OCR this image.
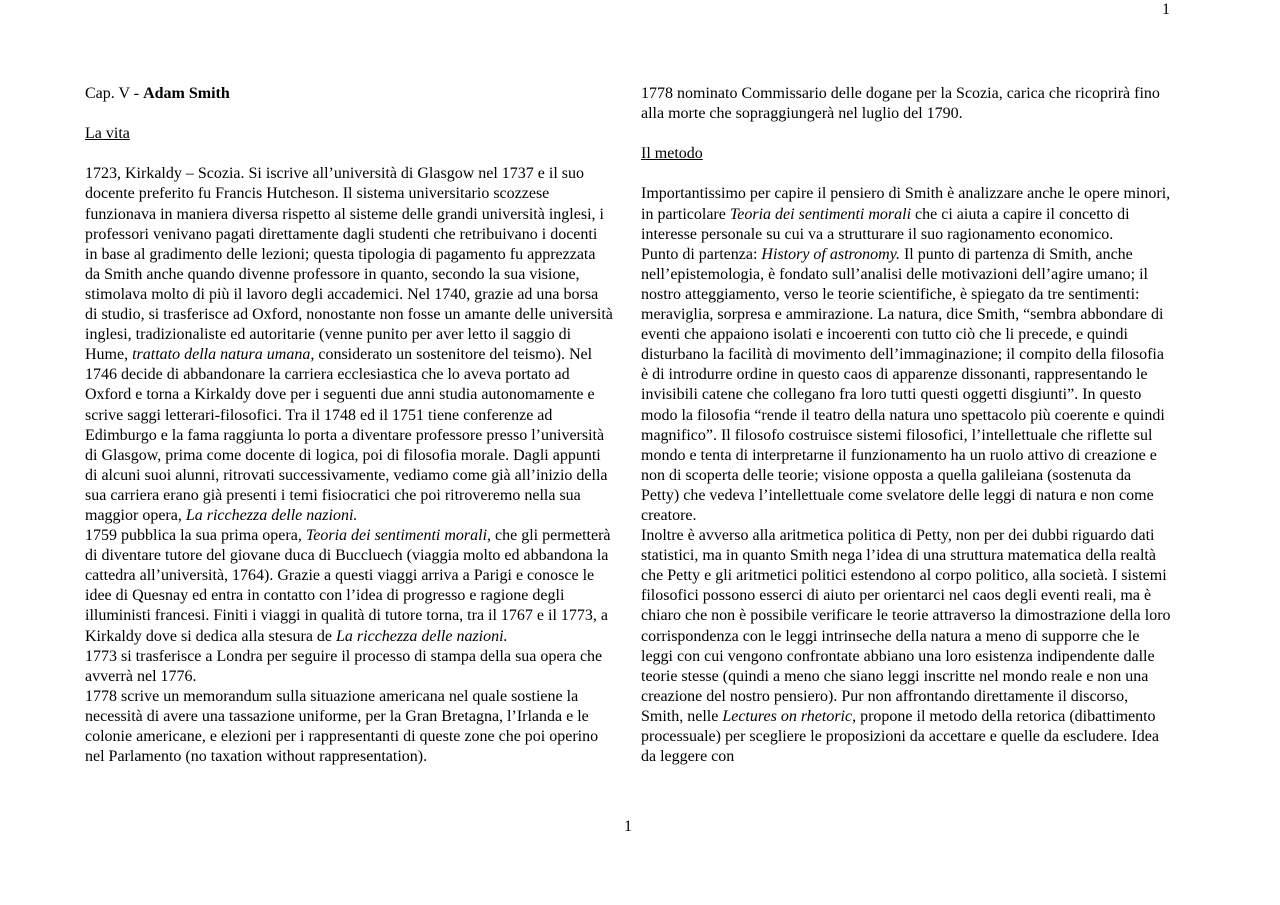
1

Cap. V - Adam Smith

La vita

1723, Kirkaldy – Scozia. Si iscrive all’università di Glasgow nel 1737 e il suo docente preferito fu Francis Hutcheson. Il sistema universitario scozzese funzionava in maniera diversa rispetto al sisteme delle grandi università inglesi, i professori venivano pagati direttamente dagli studenti che retribuivano i docenti in base al gradimento delle lezioni; questa tipologia di pagamento fu apprezzata da Smith anche quando divenne professore in quanto, secondo la sua visione, stimolava molto di più il lavoro degli accademici. Nel 1740, grazie ad una borsa di studio, si trasferisce ad Oxford, nonostante non fosse un amante delle università inglesi, tradizionaliste ed autoritarie (venne punito per aver letto il saggio di Hume, trattato della natura umana, considerato un sostenitore del teismo). Nel 1746 decide di abbandonare la carriera ecclesiastica che lo aveva portato ad Oxford e torna a Kirkaldy dove per i seguenti due anni studia autonomamente e scrive saggi letterari-filosofici. Tra il 1748 ed il 1751 tiene conferenze ad Edimburgo e la fama raggiunta lo porta a diventare professore presso l’università di Glasgow, prima come docente di logica, poi di filosofia morale. Dagli appunti di alcuni suoi alunni, ritrovati successivamente, vediamo come già all’inizio della sua carriera erano già presenti i temi fisiocratici che poi ritroveremo nella sua maggior opera, La ricchezza delle nazioni.

1759 pubblica la sua prima opera, Teoria dei sentimenti morali, che gli permetterà di diventare tutore del giovane duca di Buccluech (viaggia molto ed abbandona la cattedra all’università, 1764). Grazie a questi viaggi arriva a Parigi e conosce le idee di Quesnay ed entra in contatto con l’idea di progresso e ragione degli illuministi francesi. Finiti i viaggi in qualità di tutore torna, tra il 1767 e il 1773, a Kirkaldy dove si dedica alla stesura de La ricchezza delle nazioni.

1773 si trasferisce a Londra per seguire il processo di stampa della sua opera che avverrà nel 1776.

1778 scrive un memorandum sulla situazione americana nel quale sostiene la necessità di avere una tassazione uniforme, per la Gran Bretagna, l’Irlanda e le colonie americane, e elezioni per i rappresentanti di queste zone che poi operino nel Parlamento (no taxation without rappresentation).

1778 nominato Commissario delle dogane per la Scozia, carica che ricoprirà fino alla morte che sopraggiungerà nel luglio del 1790.

Il metodo

Importantissimo per capire il pensiero di Smith è analizzare anche le opere minori, in particolare Teoria dei sentimenti morali che ci aiuta a capire il concetto di interesse personale su cui va a strutturare il suo ragionamento economico.

Punto di partenza: History of astronomy. Il punto di partenza di Smith, anche nell’epistemologia, è fondato sull’analisi delle motivazioni dell’agire umano; il nostro atteggiamento, verso le teorie scientifiche, è spiegato da tre sentimenti: meraviglia, sorpresa e ammirazione. La natura, dice Smith, “sembra abbondare di eventi che appaiono isolati e incoerenti con tutto ciò che li precede, e quindi disturbano la facilità di movimento dell’immaginazione; il compito della filosofia è di introdurre ordine in questo caos di apparenze dissonanti, rappresentando le invisibili catene che collegano fra loro tutti questi oggetti disgiunti”. In questo modo la filosofia “rende il teatro della natura uno spettacolo più coerente e quindi magnifico”. Il filosofo costruisce sistemi filosofici, l’intellettuale che riflette sul mondo e tenta di interpretarne il funzionamento ha un ruolo attivo di creazione e non di scoperta delle teorie; visione opposta a quella galileiana (sostenuta da Petty) che vedeva l’intellettuale come svelatore delle leggi di natura e non come creatore.

Inoltre è avverso alla aritmetica politica di Petty, non per dei dubbi riguardo dati statistici, ma in quanto Smith nega l’idea di una struttura matematica della realtà che Petty e gli aritmetici politici estendono al corpo politico, alla società. I sistemi filosofici possono esserci di aiuto per orientarci nel caos degli eventi reali, ma è chiaro che non è possibile verificare le teorie attraverso la dimostrazione della loro corrispondenza con le leggi intrinseche della natura a meno di supporre che le leggi con cui vengono confrontate abbiano una loro esistenza indipendente dalle teorie stesse (quindi a meno che siano leggi inscritte nel mondo reale e non una creazione del nostro pensiero). Pur non affrontando direttamente il discorso, Smith, nelle Lectures on rhetoric, propone il metodo della retorica (dibattimento processuale) per scegliere le proposizioni da accettare e quelle da escludere. Idea da leggere con

1
